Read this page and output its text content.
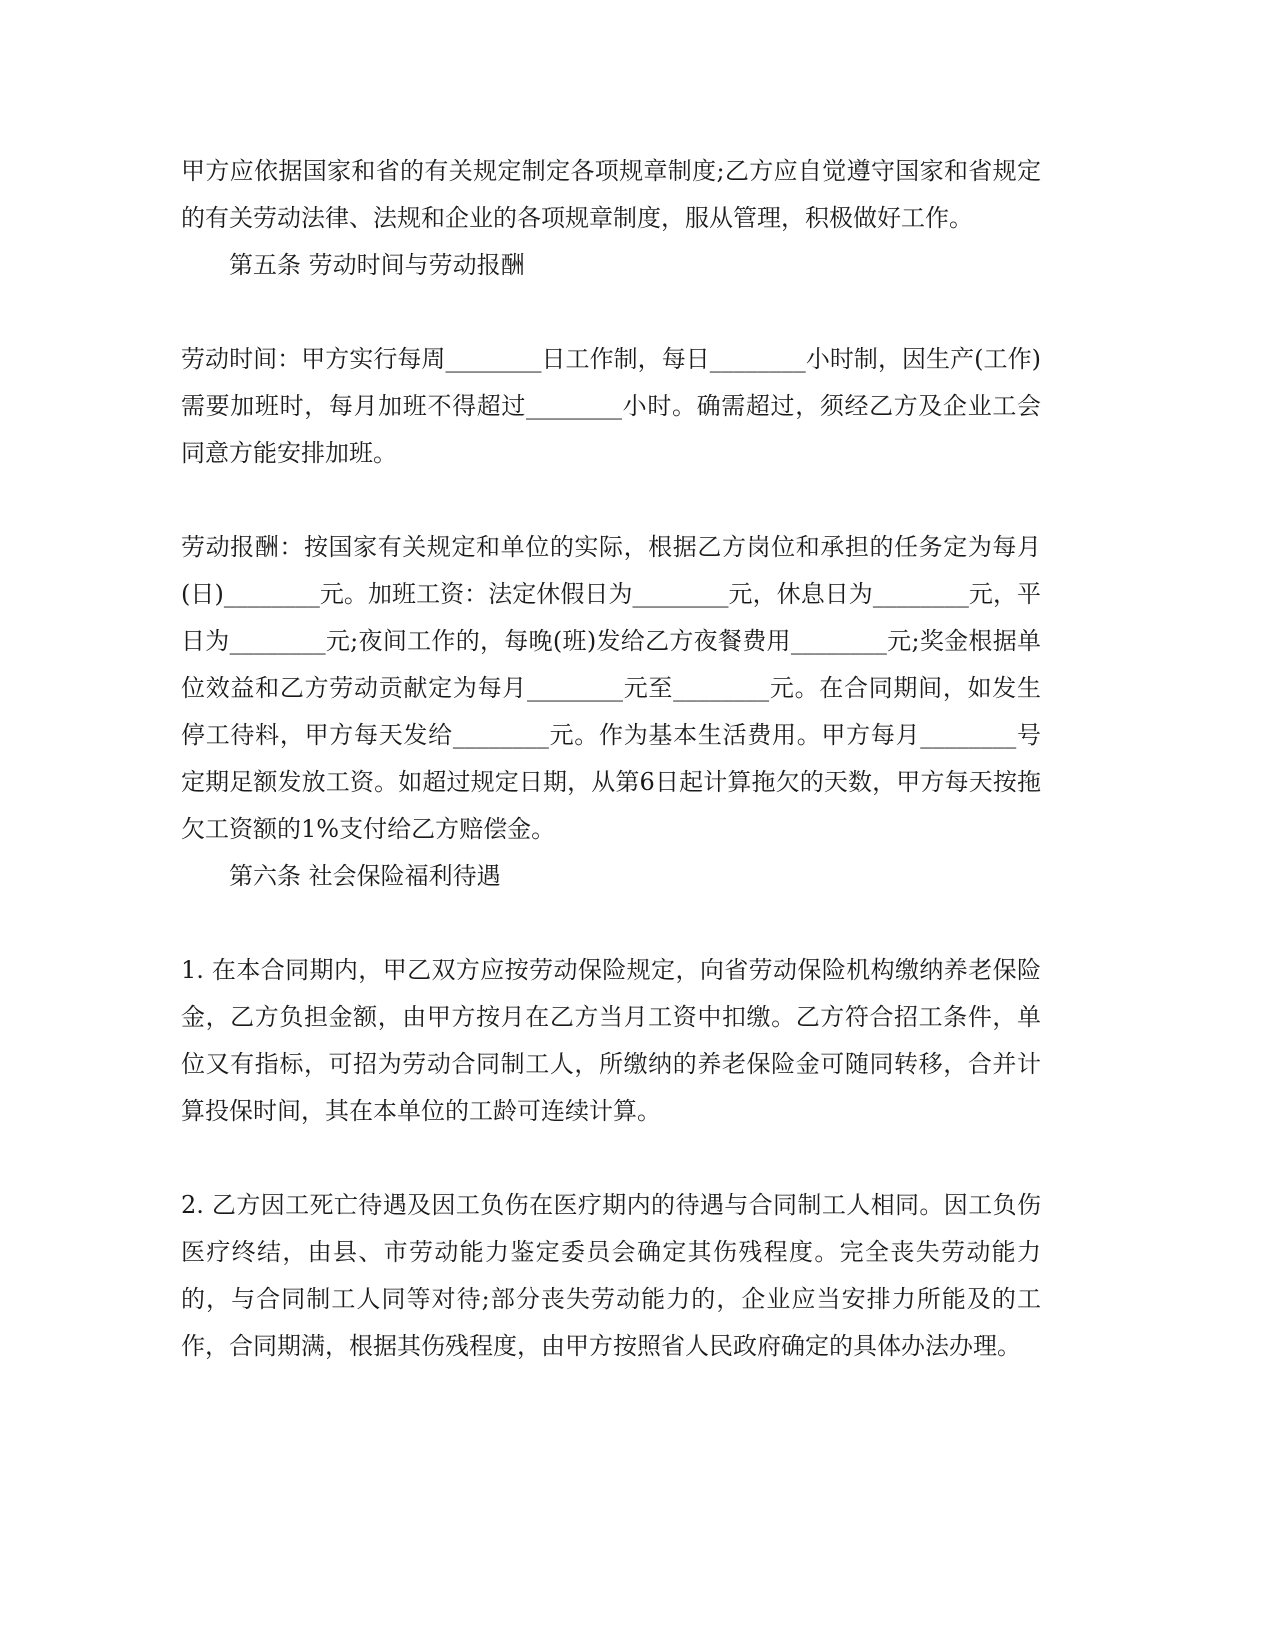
甲方应依据国家和省的有关规定制定各项规章制度;乙方应自觉遵守国家和省规定的有关劳动法律、法规和企业的各项规章制度，服从管理，积极做好工作。

第五条 劳动时间与劳动报酬

劳动时间：甲方实行每周________日工作制，每日________小时制，因生产(工作)需要加班时，每月加班不得超过________小时。确需超过，须经乙方及企业工会同意方能安排加班。

劳动报酬：按国家有关规定和单位的实际，根据乙方岗位和承担的任务定为每月(日)________元。加班工资：法定休假日为________元，休息日为________元，平日为________元;夜间工作的，每晚(班)发给乙方夜餐费用________元;奖金根据单位效益和乙方劳动贡献定为每月________元至________元。在合同期间，如发生停工待料，甲方每天发给________元。作为基本生活费用。甲方每月________号定期足额发放工资。如超过规定日期，从第6日起计算拖欠的天数，甲方每天按拖欠工资额的1%支付给乙方赔偿金。

第六条 社会保险福利待遇

1. 在本合同期内，甲乙双方应按劳动保险规定，向省劳动保险机构缴纳养老保险金，乙方负担金额，由甲方按月在乙方当月工资中扣缴。乙方符合招工条件，单位又有指标，可招为劳动合同制工人，所缴纳的养老保险金可随同转移，合并计算投保时间，其在本单位的工龄可连续计算。

2. 乙方因工死亡待遇及因工负伤在医疗期内的待遇与合同制工人相同。因工负伤医疗终结，由县、市劳动能力鉴定委员会确定其伤残程度。完全丧失劳动能力的，与合同制工人同等对待;部分丧失劳动能力的，企业应当安排力所能及的工作，合同期满，根据其伤残程度，由甲方按照省人民政府确定的具体办法办理。
